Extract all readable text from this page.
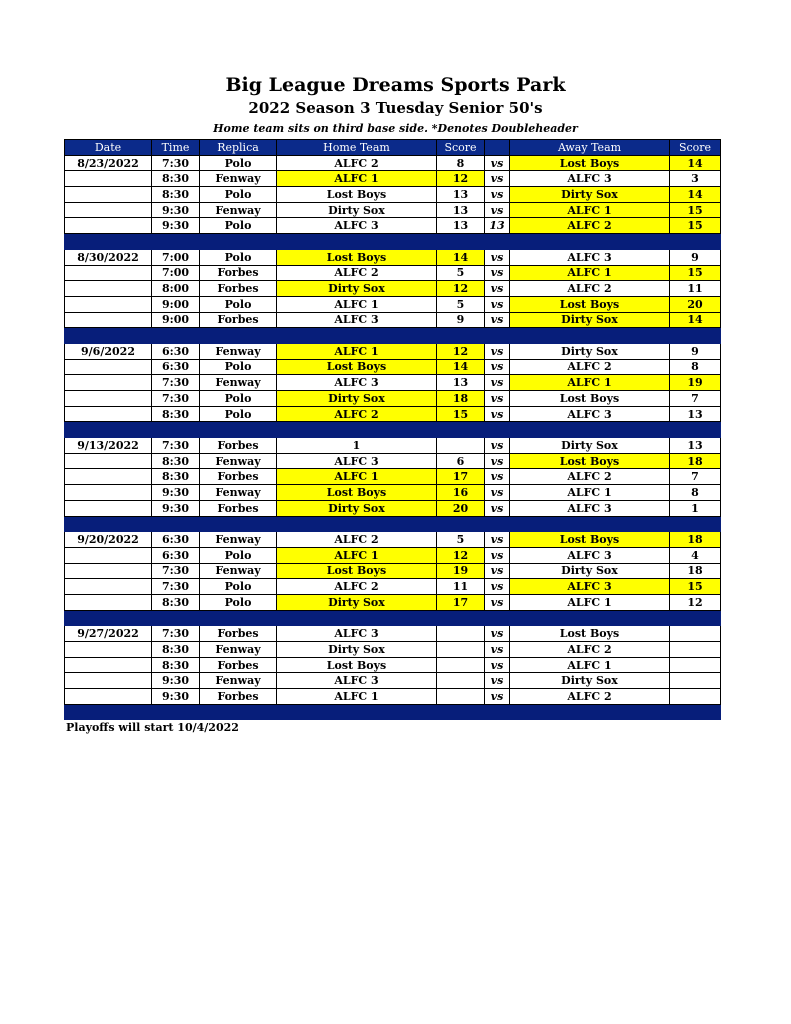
Big League Dreams Sports Park
2022 Season 3 Tuesday Senior 50's
Home team sits on third base side. *Denotes Doubleheader
Date	Time	Replica	Home Team	Score		Away Team	Score
8/23/2022	7:30	Polo	ALFC 2	8	vs	Lost Boys	14
	8:30	Fenway	ALFC 1	12	vs	ALFC 3	3
	8:30	Polo	Lost Boys	13	vs	Dirty Sox	14
	9:30	Fenway	Dirty Sox	13	vs	ALFC 1	15
	9:30	Polo	ALFC 3	13	13	ALFC 2	15

8/30/2022	7:00	Polo	Lost Boys	14	vs	ALFC 3	9
	7:00	Forbes	ALFC 2	5	vs	ALFC 1	15
	8:00	Forbes	Dirty Sox	12	vs	ALFC 2	11
	9:00	Polo	ALFC 1	5	vs	Lost Boys	20
	9:00	Forbes	ALFC 3	9	vs	Dirty Sox	14

9/6/2022	6:30	Fenway	ALFC 1	12	vs	Dirty Sox	9
	6:30	Polo	Lost Boys	14	vs	ALFC 2	8
	7:30	Fenway	ALFC 3	13	vs	ALFC 1	19
	7:30	Polo	Dirty Sox	18	vs	Lost Boys	7
	8:30	Polo	ALFC 2	15	vs	ALFC 3	13

9/13/2022	7:30	Forbes	1		vs	Dirty Sox	13
	8:30	Fenway	ALFC 3	6	vs	Lost Boys	18
	8:30	Forbes	ALFC 1	17	vs	ALFC 2	7
	9:30	Fenway	Lost Boys	16	vs	ALFC 1	8
	9:30	Forbes	Dirty Sox	20	vs	ALFC 3	1

9/20/2022	6:30	Fenway	ALFC 2	5	vs	Lost Boys	18
	6:30	Polo	ALFC 1	12	vs	ALFC 3	4
	7:30	Fenway	Lost Boys	19	vs	Dirty Sox	18
	7:30	Polo	ALFC 2	11	vs	ALFC 3	15
	8:30	Polo	Dirty Sox	17	vs	ALFC 1	12

9/27/2022	7:30	Forbes	ALFC 3		vs	Lost Boys	
	8:30	Fenway	Dirty Sox		vs	ALFC 2	
	8:30	Forbes	Lost Boys		vs	ALFC 1	
	9:30	Fenway	ALFC 3		vs	Dirty Sox	
	9:30	Forbes	ALFC 1		vs	ALFC 2	

Playoffs will start 10/4/2022
